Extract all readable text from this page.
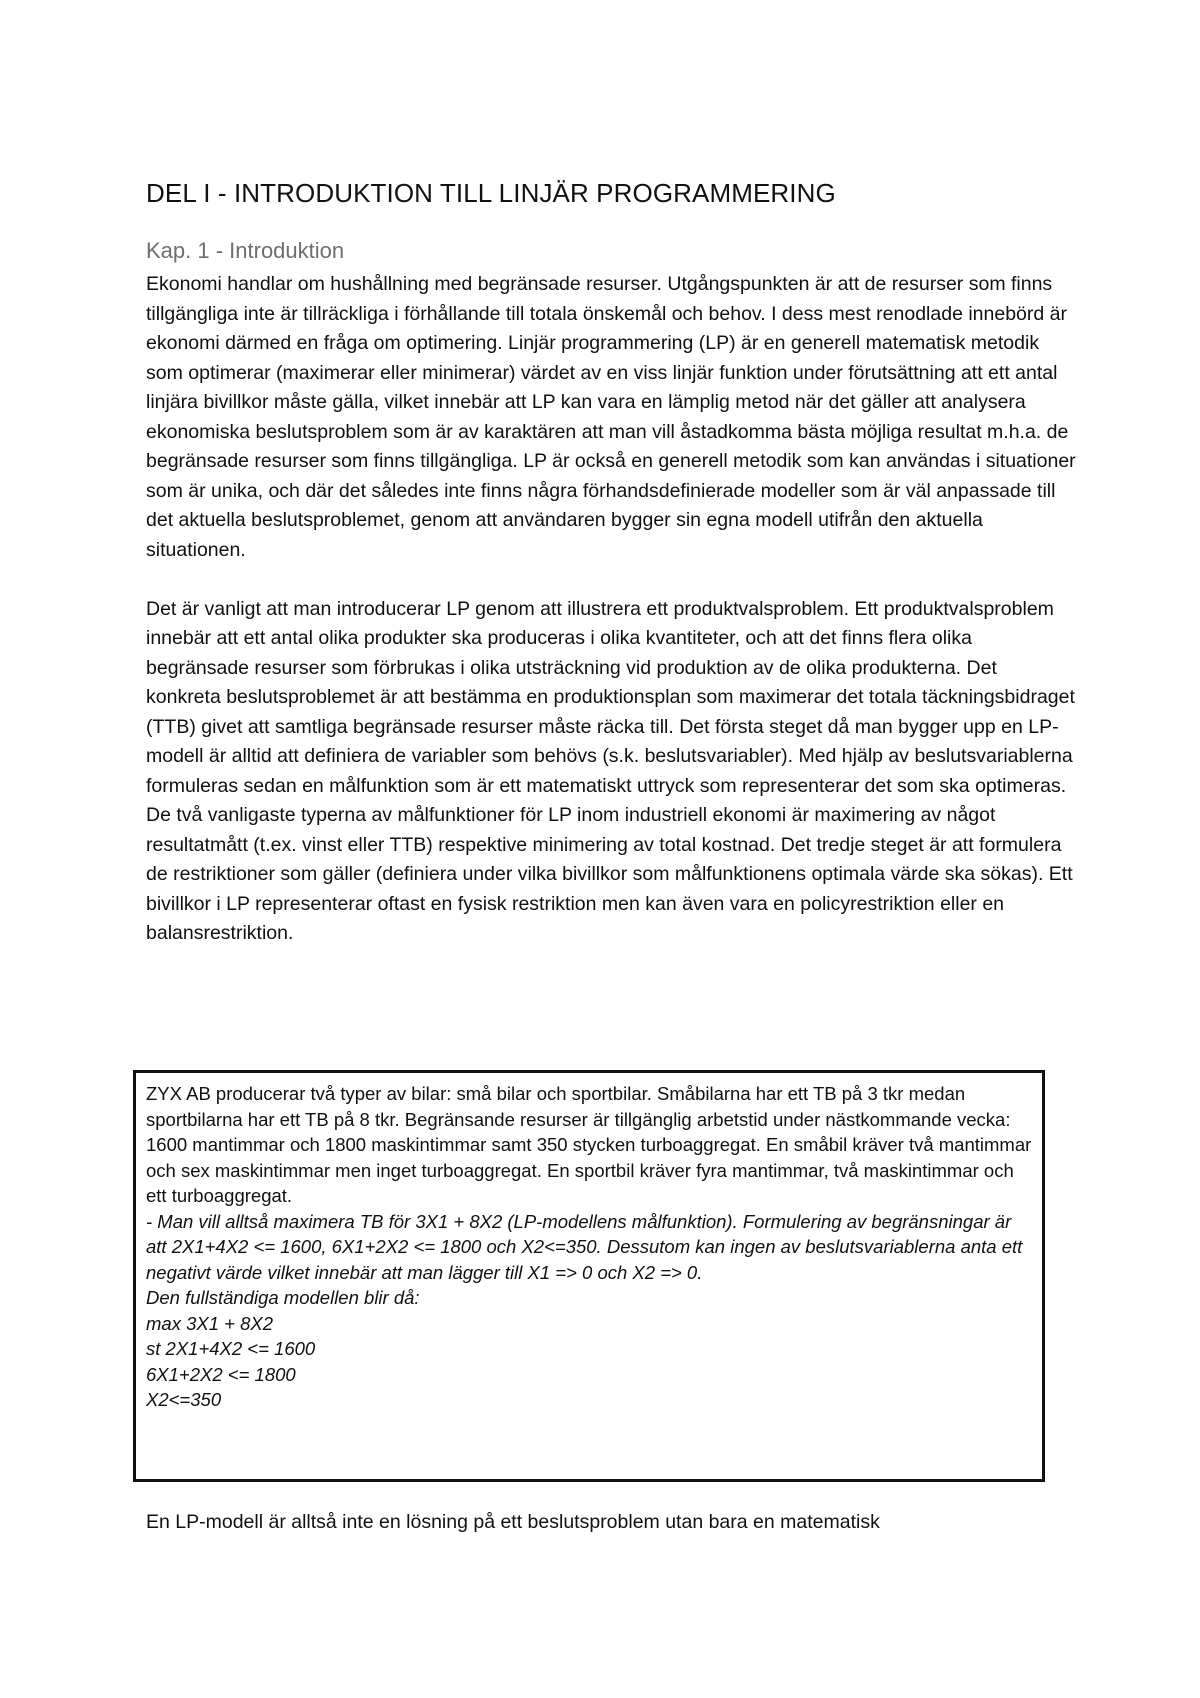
DEL I - INTRODUKTION TILL LINJÄR PROGRAMMERING
Kap. 1 - Introduktion

Ekonomi handlar om hushållning med begränsade resurser. Utgångspunkten är att de resurser som finns tillgängliga inte är tillräckliga i förhållande till totala önskemål och behov. I dess mest renodlade innebörd är ekonomi därmed en fråga om optimering. Linjär programmering (LP) är en generell matematisk metodik som optimerar (maximerar eller minimerar) värdet av en viss linjär funktion under förutsättning att ett antal linjära bivillkor måste gälla, vilket innebär att LP kan vara en lämplig metod när det gäller att analysera ekonomiska beslutsproblem som är av karaktären att man vill åstadkomma bästa möjliga resultat m.h.a. de begränsade resurser som finns tillgängliga. LP är också en generell metodik som kan användas i situationer som är unika, och där det således inte finns några förhandsdefinierade modeller som är väl anpassade till det aktuella beslutsproblemet, genom att användaren bygger sin egna modell utifrån den aktuella situationen.

Det är vanligt att man introducerar LP genom att illustrera ett produktvalsproblem. Ett produktvalsproblem innebär att ett antal olika produkter ska produceras i olika kvantiteter, och att det finns flera olika begränsade resurser som förbrukas i olika utsträckning vid produktion av de olika produkterna. Det konkreta beslutsproblemet är att bestämma en produktionsplan som maximerar det totala täckningsbidraget (TTB) givet att samtliga begränsade resurser måste räcka till. Det första steget då man bygger upp en LP-modell är alltid att definiera de variabler som behövs (s.k. beslutsvariabler). Med hjälp av beslutsvariablerna formuleras sedan en målfunktion som är ett matematiskt uttryck som representerar det som ska optimeras. De två vanligaste typerna av målfunktioner för LP inom industriell ekonomi är maximering av något resultatmått (t.ex. vinst eller TTB) respektive minimering av total kostnad. Det tredje steget är att formulera de restriktioner som gäller (definiera under vilka bivillkor som målfunktionens optimala värde ska sökas). Ett bivillkor i LP representerar oftast en fysisk restriktion men kan även vara en policyrestriktion eller en balansrestriktion.

ZYX AB producerar två typer av bilar: små bilar och sportbilar. Småbilarna har ett TB på 3 tkr medan sportbilarna har ett TB på 8 tkr. Begränsande resurser är tillgänglig arbetstid under nästkommande vecka: 1600 mantimmar och 1800 maskintimmar samt 350 stycken turboaggregat. En småbil kräver två mantimmar och sex maskintimmar men inget turboaggregat. En sportbil kräver fyra mantimmar, två maskintimmar och ett turboaggregat.

- Man vill alltså maximera TB för 3X1 + 8X2 (LP-modellens målfunktion). Formulering av begränsningar är att 2X1+4X2 <= 1600, 6X1+2X2 <= 1800 och X2<=350. Dessutom kan ingen av beslutsvariablerna anta ett negativt värde vilket innebär att man lägger till X1 => 0 och X2 => 0.

Den fullständiga modellen blir då:

max 3X1 + 8X2

st 2X1+4X2 <= 1600

6X1+2X2 <= 1800

X2<=350

En LP-modell är alltså inte en lösning på ett beslutsproblem utan bara en matematisk
